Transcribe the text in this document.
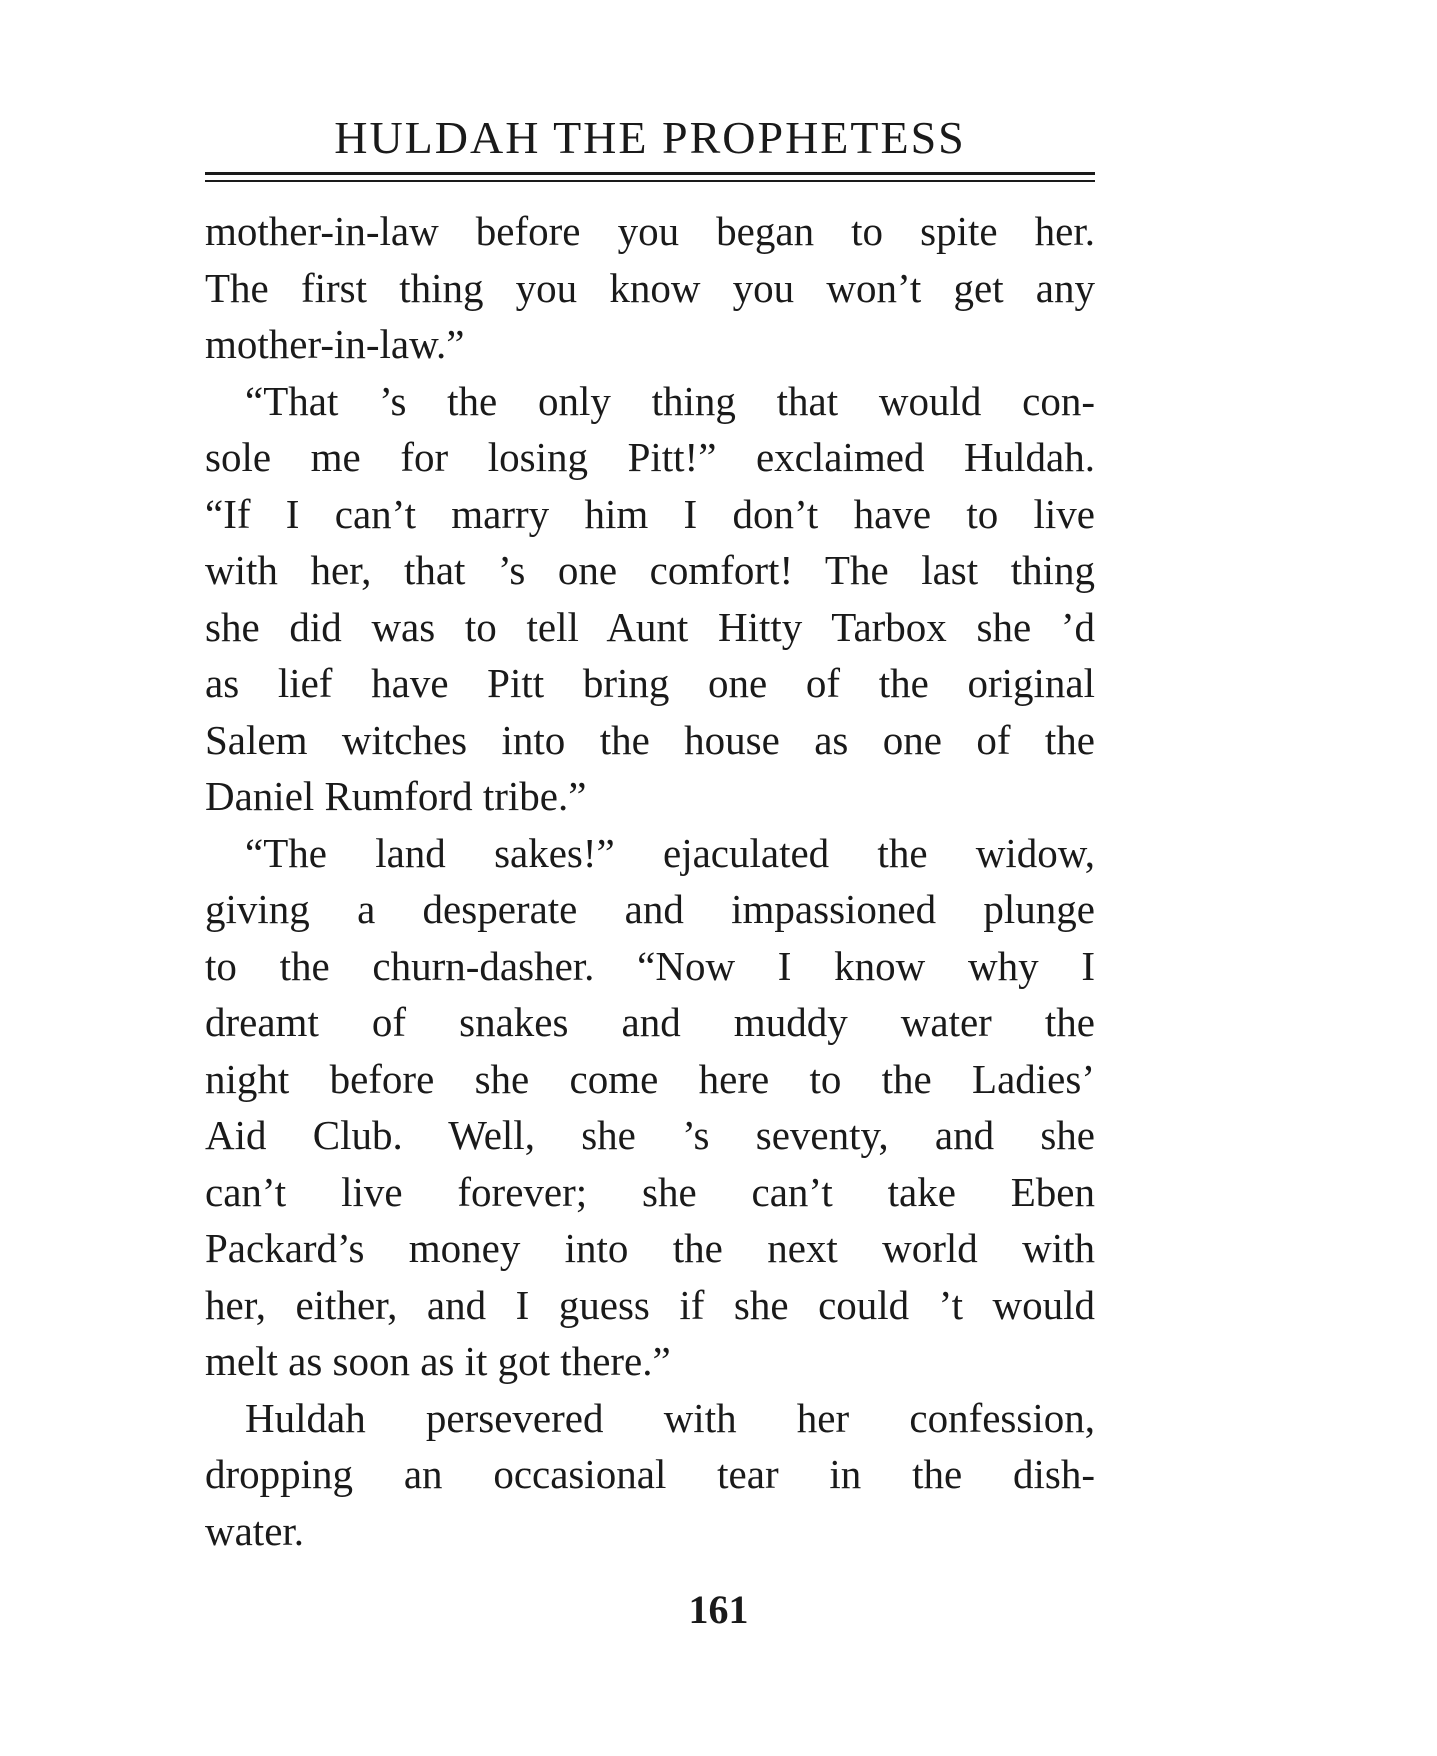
HULDAH THE PROPHETESS
mother-in-law before you began to spite her.
The first thing you know you won’t get any
mother-in-law.”
“That ’s the only thing that would con-
sole me for losing Pitt!” exclaimed Huldah.
“If I can’t marry him I don’t have to live
with her, that ’s one comfort! The last thing
she did was to tell Aunt Hitty Tarbox she ’d
as lief have Pitt bring one of the original
Salem witches into the house as one of the
Daniel Rumford tribe.”
“The land sakes!” ejaculated the widow,
giving a desperate and impassioned plunge
to the churn-dasher. “Now I know why I
dreamt of snakes and muddy water the
night before she come here to the Ladies’
Aid Club. Well, she ’s seventy, and she
can’t live forever; she can’t take Eben
Packard’s money into the next world with
her, either, and I guess if she could ’t would
melt as soon as it got there.”
Huldah persevered with her confession,
dropping an occasional tear in the dish-
water.
161
